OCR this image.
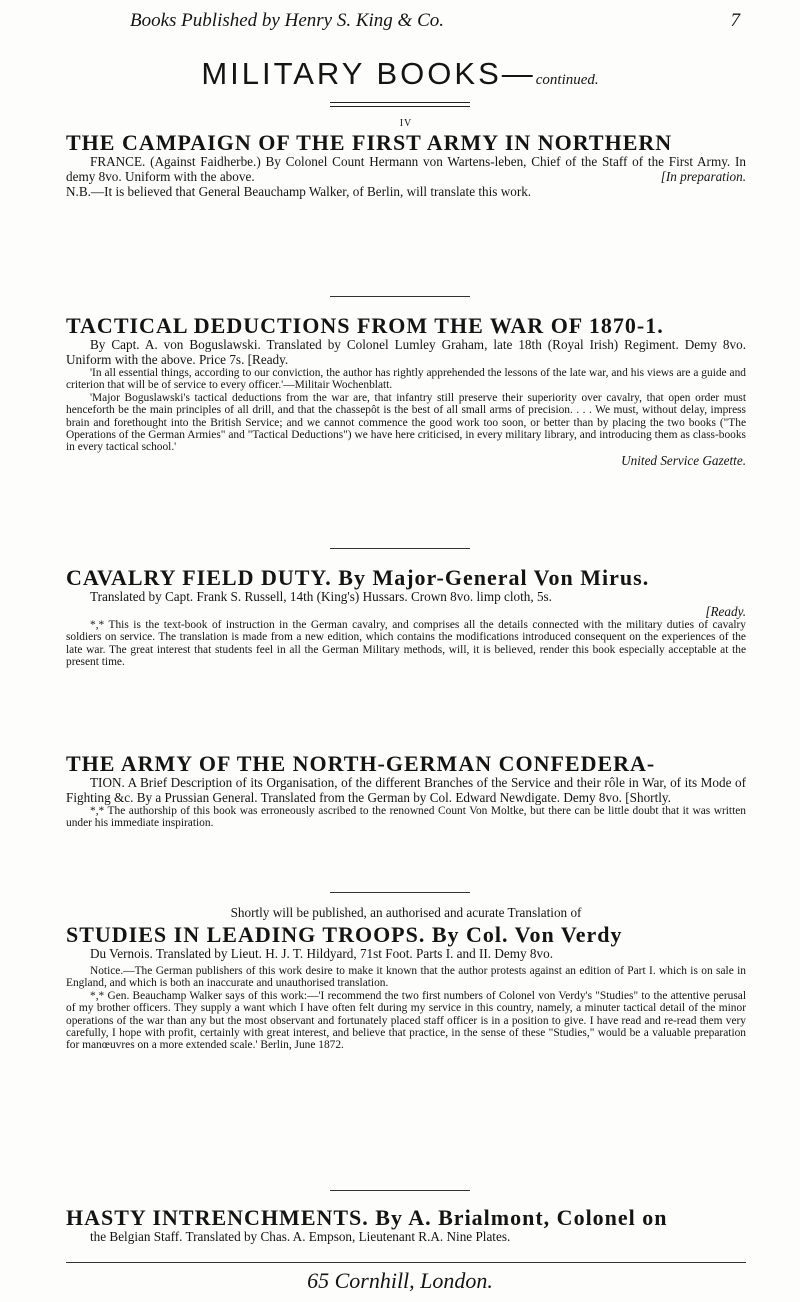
Books Published by Henry S. King & Co.	7
MILITARY BOOKS—continued.
IV
THE CAMPAIGN OF THE FIRST ARMY IN NORTHERN

FRANCE. (Against Faidherbe.) By Colonel Count Hermann von Wartens-leben, Chief of the Staff of the First Army. In demy 8vo. Uniform with the above.	[In preparation.

N.B.—It is believed that General Beauchamp Walker, of Berlin, will translate this work.

TACTICAL DEDUCTIONS FROM THE WAR OF 1870-1.

By Capt. A. von Boguslawski. Translated by Colonel Lumley Graham, late 18th (Royal Irish) Regiment. Demy 8vo. Uniform with the above. Price 7s. [Ready.

'In all essential things, according to our conviction, the author has rightly apprehended the lessons of the late war, and his views are a guide and criterion that will be of service to every officer.'—Militair Wochenblatt.

'Major Boguslawski's tactical deductions from the war are, that infantry still preserve their superiority over cavalry, that open order must henceforth be the main principles of all drill, and that the chassepôt is the best of all small arms of precision. . . . We must, without delay, impress brain and forethought into the British Service; and we cannot commence the good work too soon, or better than by placing the two books ("The Operations of the German Armies" and "Tactical Deductions") we have here criticised, in every military library, and introducing them as class-books in every tactical school.'

United Service Gazette.

CAVALRY FIELD DUTY. By Major-General Von Mirus.

Translated by Capt. Frank S. Russell, 14th (King's) Hussars. Crown 8vo. limp cloth, 5s.

[Ready.

*,* This is the text-book of instruction in the German cavalry, and comprises all the details connected with the military duties of cavalry soldiers on service. The translation is made from a new edition, which contains the modifications introduced consequent on the experiences of the late war. The great interest that students feel in all the German Military methods, will, it is believed, render this book especially acceptable at the present time.

THE ARMY OF THE NORTH-GERMAN CONFEDERA-

TION. A Brief Description of its Organisation, of the different Branches of the Service and their rôle in War, of its Mode of Fighting &c. By a Prussian General. Translated from the German by Col. Edward Newdigate. Demy 8vo. [Shortly.

*,* The authorship of this book was erroneously ascribed to the renowned Count Von Moltke, but there can be little doubt that it was written under his immediate inspiration.

Shortly will be published, an authorised and acurate Translation of

STUDIES IN LEADING TROOPS. By Col. Von Verdy

Du Vernois. Translated by Lieut. H. J. T. Hildyard, 71st Foot. Parts I. and II. Demy 8vo.

Notice.—The German publishers of this work desire to make it known that the author protests against an edition of Part I. which is on sale in England, and which is both an inaccurate and unauthorised translation.

*,* Gen. Beauchamp Walker says of this work:—'I recommend the two first numbers of Colonel von Verdy's "Studies" to the attentive perusal of my brother officers. They supply a want which I have often felt during my service in this country, namely, a minuter tactical detail of the minor operations of the war than any but the most observant and fortunately placed staff officer is in a position to give. I have read and re-read them very carefully, I hope with profit, certainly with great interest, and believe that practice, in the sense of these "Studies," would be a valuable preparation for manœuvres on a more extended scale.' Berlin, June 1872.

HASTY INTRENCHMENTS. By A. Brialmont, Colonel on

the Belgian Staff. Translated by Chas. A. Empson, Lieutenant R.A. Nine Plates.

65 Cornhill, London.
